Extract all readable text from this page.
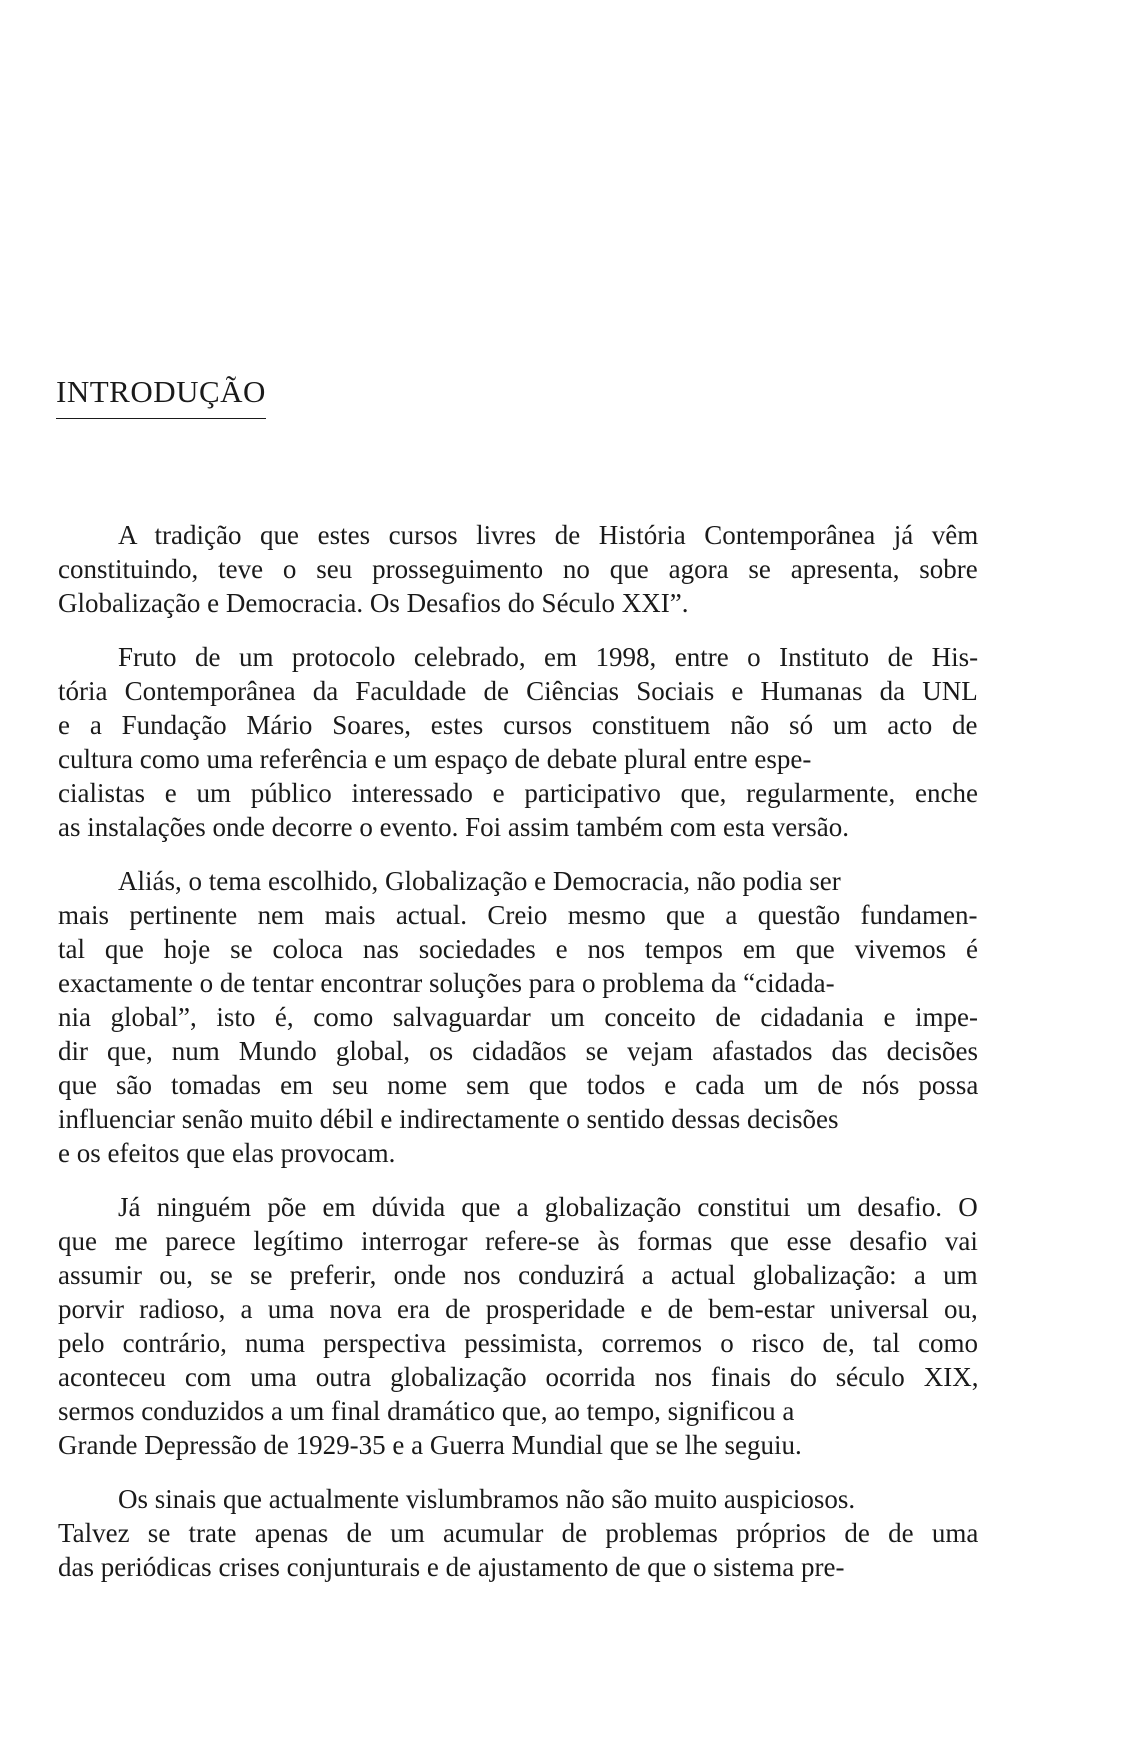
INTRODUÇÃO
A tradição que estes cursos livres de História Contemporânea já vêm
constituindo, teve o seu prosseguimento no que agora se apresenta, sobre
Globalização e Democracia. Os Desafios do Século XXI”.
Fruto de um protocolo celebrado, em 1998, entre o Instituto de His-
tória Contemporânea da Faculdade de Ciências Sociais e Humanas da UNL
e a Fundação Mário Soares, estes cursos constituem não só um acto de
cultura como uma referência e um espaço de debate plural entre espe-
cialistas e um público interessado e participativo que, regularmente, enche
as instalações onde decorre o evento. Foi assim também com esta versão.
Aliás, o tema escolhido, Globalização e Democracia, não podia ser
mais pertinente nem mais actual. Creio mesmo que a questão fundamen-
tal que hoje se coloca nas sociedades e nos tempos em que vivemos é
exactamente o de tentar encontrar soluções para o problema da “cidada-
nia global”, isto é, como salvaguardar um conceito de cidadania e impe-
dir que, num Mundo global, os cidadãos se vejam afastados das decisões
que são tomadas em seu nome sem que todos e cada um de nós possa
influenciar senão muito débil e indirectamente o sentido dessas decisões
e os efeitos que elas provocam.
Já ninguém põe em dúvida que a globalização constitui um desafio. O
que me parece legítimo interrogar refere-se às formas que esse desafio vai
assumir ou, se se preferir, onde nos conduzirá a actual globalização: a um
porvir radioso, a uma nova era de prosperidade e de bem-estar universal ou,
pelo contrário, numa perspectiva pessimista, corremos o risco de, tal como
aconteceu com uma outra globalização ocorrida nos finais do século XIX,
sermos conduzidos a um final dramático que, ao tempo, significou a
Grande Depressão de 1929-35 e a Guerra Mundial que se lhe seguiu.
Os sinais que actualmente vislumbramos não são muito auspiciosos.
Talvez se trate apenas de um acumular de problemas próprios de de uma
das periódicas crises conjunturais e de ajustamento de que o sistema pre-
